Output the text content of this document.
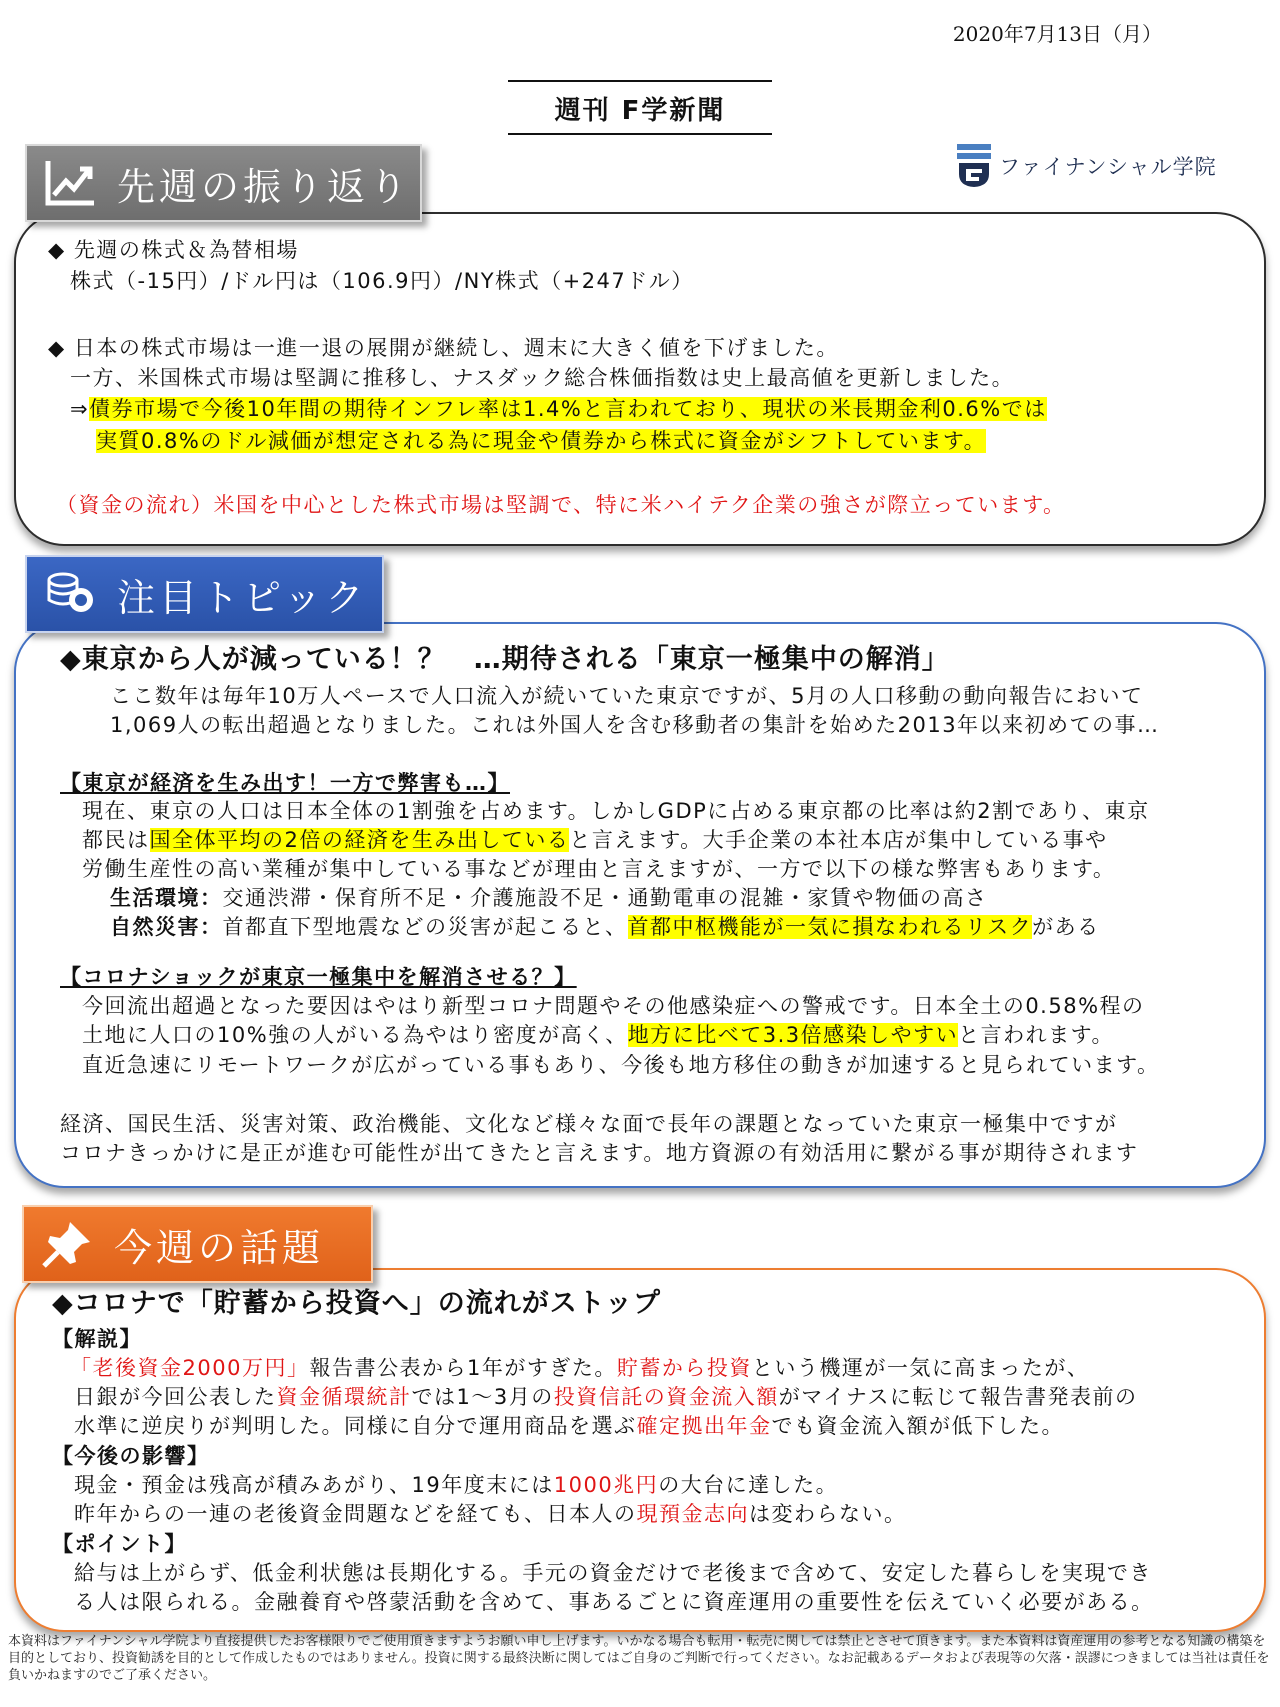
2020年7月13日（月）
週刊 F学新聞
ファイナンシャル学院
先週の振り返り
◆ 先週の株式＆為替相場
株式（-15円）/ドル円は（106.9円）/NY株式（+247ドル）
◆ 日本の株式市場は一進一退の展開が継続し、週末に大きく値を下げました。
一方、米国株式市場は堅調に推移し、ナスダック総合株価指数は史上最高値を更新しました。
⇒債券市場で今後10年間の期待インフレ率は1.4%と言われており、現状の米長期金利0.6%では
実質0.8%のドル減価が想定される為に現金や債券から株式に資金がシフトしています。
（資金の流れ）米国を中心とした株式市場は堅調で、特に米ハイテク企業の強さが際立っています。
注目トピック
◆東京から人が減っている！？　…期待される「東京一極集中の解消」
ここ数年は毎年10万人ペースで人口流入が続いていた東京ですが、5月の人口移動の動向報告において
1,069人の転出超過となりました。これは外国人を含む移動者の集計を始めた2013年以来初めての事…
【東京が経済を生み出す！一方で弊害も…】
現在、東京の人口は日本全体の1割強を占めます。しかしGDPに占める東京都の比率は約2割であり、東京
都民は国全体平均の2倍の経済を生み出していると言えます。大手企業の本社本店が集中している事や
労働生産性の高い業種が集中している事などが理由と言えますが、一方で以下の様な弊害もあります。
生活環境：交通渋滞・保育所不足・介護施設不足・通勤電車の混雑・家賃や物価の高さ
自然災害：首都直下型地震などの災害が起こると、首都中枢機能が一気に損なわれるリスクがある
【コロナショックが東京一極集中を解消させる？】
今回流出超過となった要因はやはり新型コロナ問題やその他感染症への警戒です。日本全土の0.58%程の
土地に人口の10%強の人がいる為やはり密度が高く、地方に比べて3.3倍感染しやすいと言われます。
直近急速にリモートワークが広がっている事もあり、今後も地方移住の動きが加速すると見られています。
経済、国民生活、災害対策、政治機能、文化など様々な面で長年の課題となっていた東京一極集中ですが
コロナきっかけに是正が進む可能性が出てきたと言えます。地方資源の有効活用に繋がる事が期待されます
今週の話題
◆コロナで「貯蓄から投資へ」の流れがストップ
【解説】
「老後資金2000万円」報告書公表から1年がすぎた。貯蓄から投資という機運が一気に高まったが、
日銀が今回公表した資金循環統計では1～3月の投資信託の資金流入額がマイナスに転じて報告書発表前の
水準に逆戻りが判明した。同様に自分で運用商品を選ぶ確定拠出年金でも資金流入額が低下した。
【今後の影響】
現金・預金は残高が積みあがり、19年度末には1000兆円の大台に達した。
昨年からの一連の老後資金問題などを経ても、日本人の現預金志向は変わらない。
【ポイント】
給与は上がらず、低金利状態は長期化する。手元の資金だけで老後まで含めて、安定した暮らしを実現でき
る人は限られる。金融養育や啓蒙活動を含めて、事あるごとに資産運用の重要性を伝えていく必要がある。
本資料はファイナンシャル学院より直接提供したお客様限りでご使用頂きますようお願い申し上げます。いかなる場合も転用・転売に関しては禁止とさせて頂きます。また本資料は資産運用の参考となる知識の構築を目的としており、投資勧誘を目的として作成したものではありません。投資に関する最終決断に関してはご自身のご判断で行ってください。なお記載あるデータおよび表現等の欠落・誤謬につきましては当社は責任を負いかねますのでご了承ください。
